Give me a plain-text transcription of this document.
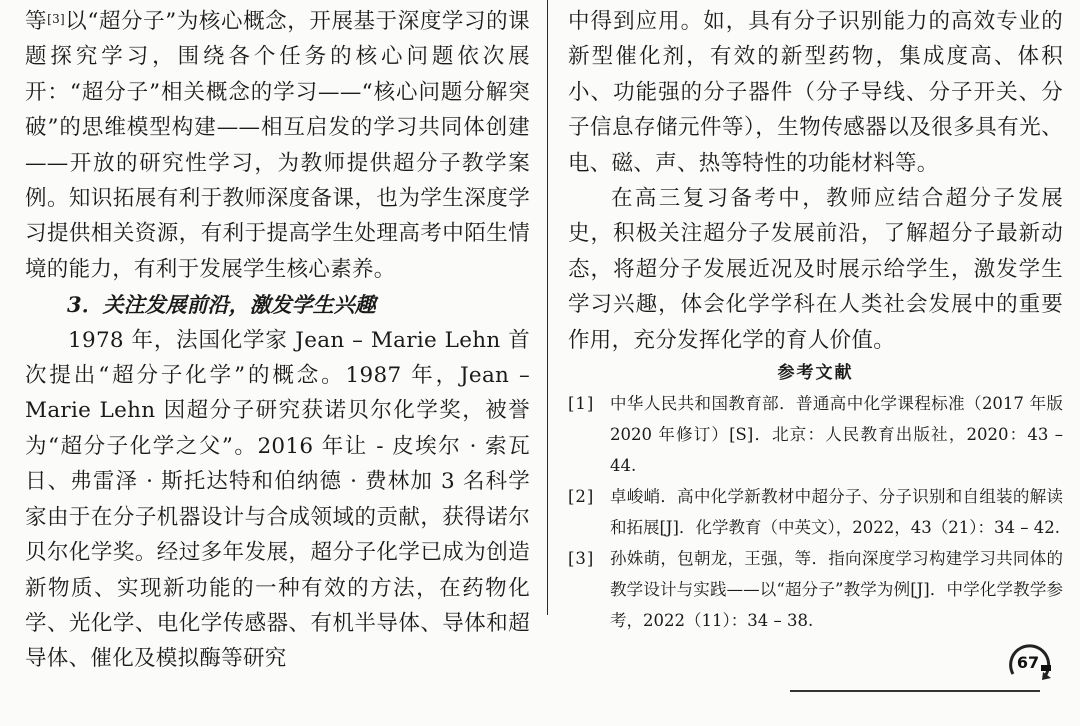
等[3]以“超分子”为核心概念，开展基于深度学习的课题探究学习，围绕各个任务的核心问题依次展开：“超分子”相关概念的学习——“核心问题分解突破”的思维模型构建——相互启发的学习共同体创建——开放的研究性学习，为教师提供超分子教学案例。知识拓展有利于教师深度备课，也为学生深度学习提供相关资源，有利于提高学生处理高考中陌生情境的能力，有利于发展学生核心素养。

3．关注发展前沿，激发学生兴趣

1978 年，法国化学家 Jean – Marie Lehn 首次提出“超分子化学”的概念。1987 年，Jean – Marie Lehn 因超分子研究获诺贝尔化学奖，被誉为“超分子化学之父”。2016 年让 - 皮埃尔 · 索瓦日、弗雷泽 · 斯托达特和伯纳德 · 费林加 3 名科学家由于在分子机器设计与合成领域的贡献，获得诺尔贝尔化学奖。经过多年发展，超分子化学已成为创造新物质、实现新功能的一种有效的方法，在药物化学、光化学、电化学传感器、有机半导体、导体和超导体、催化及模拟酶等研究

中得到应用。如，具有分子识别能力的高效专业的新型催化剂，有效的新型药物，集成度高、体积小、功能强的分子器件（分子导线、分子开关、分子信息存储元件等），生物传感器以及很多具有光、电、磁、声、热等特性的功能材料等。

在高三复习备考中，教师应结合超分子发展史，积极关注超分子发展前沿，了解超分子最新动态，将超分子发展近况及时展示给学生，激发学生学习兴趣，体会化学学科在人类社会发展中的重要作用，充分发挥化学的育人价值。

参考文献

[1] 中华人民共和国教育部．普通高中化学课程标准（2017 年版 2020 年修订）[S]．北京：人民教育出版社，2020：43 – 44.
[2] 卓峻峭．高中化学新教材中超分子、分子识别和自组装的解读和拓展[J]．化学教育（中英文），2022，43（21）：34 – 42.
[3] 孙姝萌，包朝龙，王强，等．指向深度学习构建学习共同体的教学设计与实践——以“超分子”教学为例[J]．中学化学教学参考，2022（11）：34 – 38.
67
